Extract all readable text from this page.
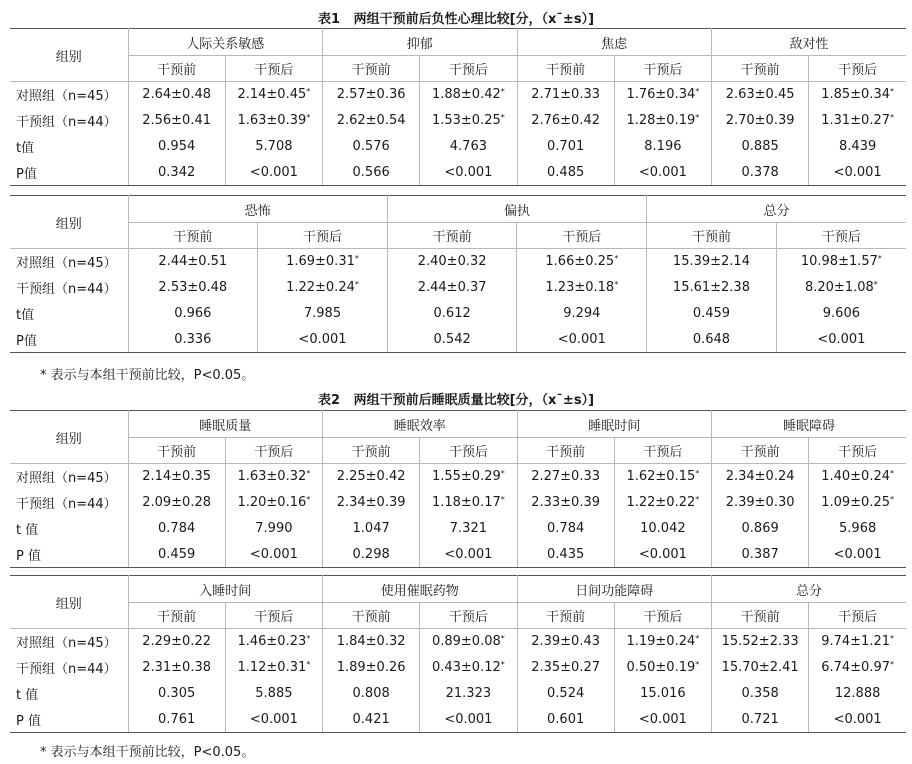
表1   两组干预前后负性心理比较[分，（x¯±s）]
组别	人际关系敏感		抑郁		焦虑		敌对性	
	干预前	干预后	干预前	干预后	干预前	干预后	干预前	干预后
对照组（n=45）	2.64±0.48	2.14±0.45*	2.57±0.36	1.88±0.42*	2.71±0.33	1.76±0.34*	2.63±0.45	1.85±0.34*
干预组（n=44）	2.56±0.41	1.63±0.39*	2.62±0.54	1.53±0.25*	2.76±0.42	1.28±0.19*	2.70±0.39	1.31±0.27*
t值	0.954	5.708	0.576	4.763	0.701	8.196	0.885	8.439
P值	0.342	<0.001	0.566	<0.001	0.485	<0.001	0.378	<0.001
组别	恐怖		偏执		总分	
	干预前	干预后	干预前	干预后	干预前	干预后
对照组（n=45）	2.44±0.51	1.69±0.31*	2.40±0.32	1.66±0.25*	15.39±2.14	10.98±1.57*
干预组（n=44）	2.53±0.48	1.22±0.24*	2.44±0.37	1.23±0.18*	15.61±2.38	8.20±1.08*
t值	0.966	7.985	0.612	9.294	0.459	9.606
P值	0.336	<0.001	0.542	<0.001	0.648	<0.001
* 表示与本组干预前比较，P<0.05。
表2   两组干预前后睡眠质量比较[分，（x¯±s）]
组别	睡眠质量		睡眠效率		睡眠时间		睡眠障碍	
	干预前	干预后	干预前	干预后	干预前	干预后	干预前	干预后
对照组（n=45）	2.14±0.35	1.63±0.32*	2.25±0.42	1.55±0.29*	2.27±0.33	1.62±0.15*	2.34±0.24	1.40±0.24*
干预组（n=44）	2.09±0.28	1.20±0.16*	2.34±0.39	1.18±0.17*	2.33±0.39	1.22±0.22*	2.39±0.30	1.09±0.25*
t 值	0.784	7.990	1.047	7.321	0.784	10.042	0.869	5.968
P 值	0.459	<0.001	0.298	<0.001	0.435	<0.001	0.387	<0.001
组别	入睡时间		使用催眠药物		日间功能障碍		总分	
	干预前	干预后	干预前	干预后	干预前	干预后	干预前	干预后
对照组（n=45）	2.29±0.22	1.46±0.23*	1.84±0.32	0.89±0.08*	2.39±0.43	1.19±0.24*	15.52±2.33	9.74±1.21*
干预组（n=44）	2.31±0.38	1.12±0.31*	1.89±0.26	0.43±0.12*	2.35±0.27	0.50±0.19*	15.70±2.41	6.74±0.97*
t 值	0.305	5.885	0.808	21.323	0.524	15.016	0.358	12.888
P 值	0.761	<0.001	0.421	<0.001	0.601	<0.001	0.721	<0.001
* 表示与本组干预前比较，P<0.05。
